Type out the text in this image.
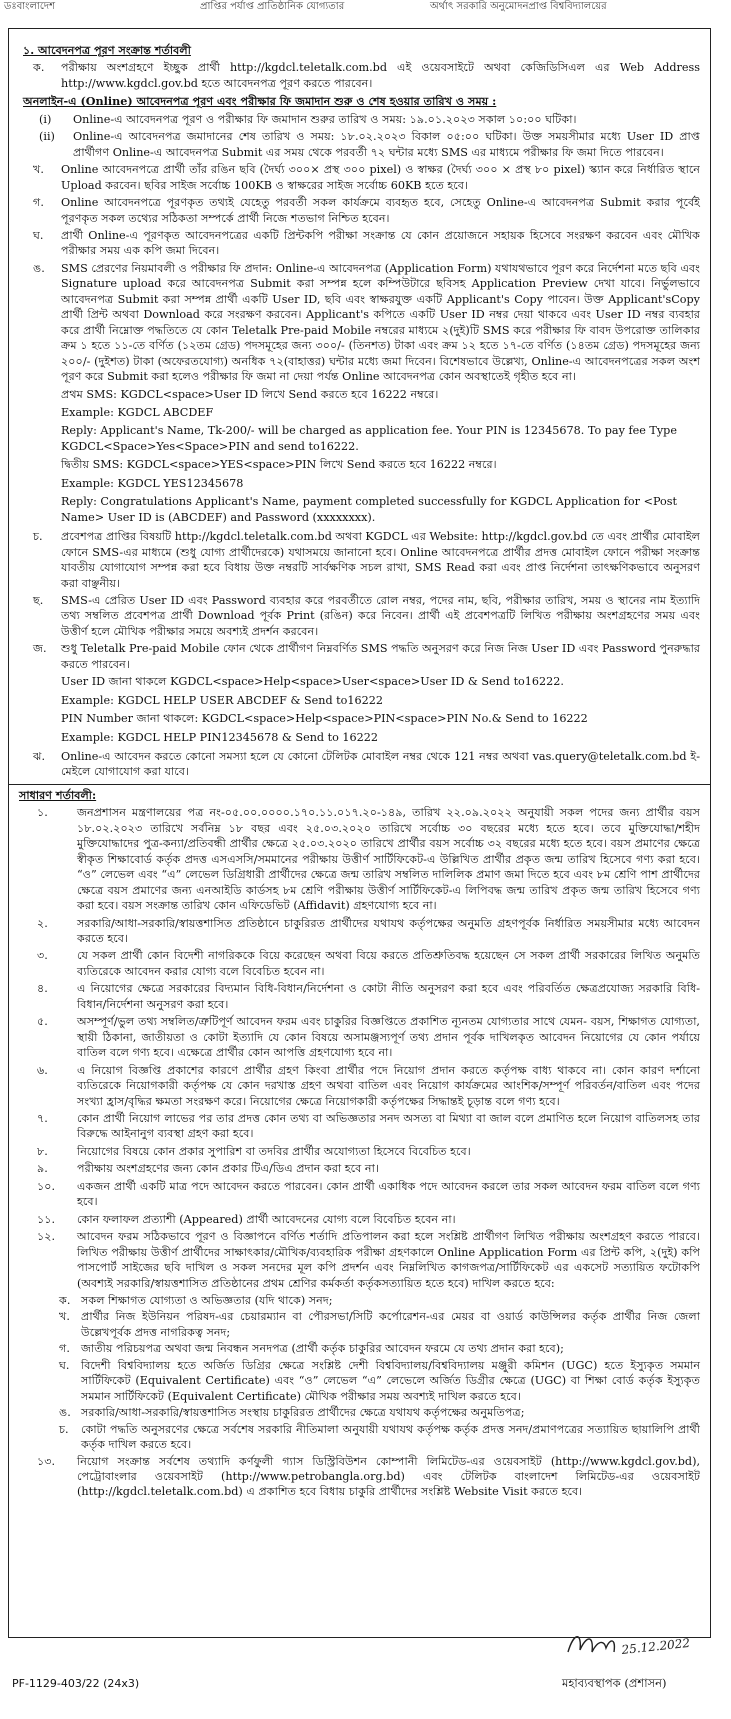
ডঃবাংলাদেশ	প্রাপ্তির পর্যাপ্ত প্রাতিষ্ঠানিক যোগ্যতার	অর্থাৎ সরকারি অনুমোদনপ্রাপ্ত বিশ্ববিদ্যালয়ের
১. আবেদনপত্র পূরণ সংক্রান্ত শর্তাবলী
ক.	পরীক্ষায় অংশগ্রহণে ইচ্ছুক প্রার্থী http://kgdcl.teletalk.com.bd এই ওয়েবসাইটে অথবা কেজিডিসিএল এর Web Address http://www.kgdcl.gov.bd হতে আবেদনপত্র পূরণ করতে পারবেন।
অনলাইন-এ (Online) আবেদনপত্র পূরণ এবং পরীক্ষার ফি জমাদান শুরু ও শেষ হওয়ার তারিখ ও সময় :
(i)	Online-এ আবেদনপত্র পূরণ ও পরীক্ষার ফি জমাদান শুরুর তারিখ ও সময়: ১৯.০১.২০২৩ সকাল ১০:০০ ঘটিকা।
(ii)	Online-এ আবেদনপত্র জমাদানের শেষ তারিখ ও সময়: ১৮.০২.২০২৩ বিকাল ০৫:০০ ঘটিকা। উক্ত সময়সীমার মধ্যে User ID প্রাপ্ত প্রার্থীগণ Online-এ আবেদনপত্র Submit এর সময় থেকে পরবর্তী ৭২ ঘন্টার মধ্যে SMS এর মাধ্যমে পরীক্ষার ফি জমা দিতে পারবেন।
খ.	Online আবেদনপত্রে প্রার্থী তাঁর রঙিন ছবি (দৈর্ঘ্য ৩০০× প্রস্থ ৩০০ pixel) ও স্বাক্ষর (দৈর্ঘ্য ৩০০ × প্রস্থ ৮০ pixel) স্ক্যান করে নির্ধারিত স্থানে Upload করবেন। ছবির সাইজ সর্বোচ্চ 100KB ও স্বাক্ষরের সাইজ সর্বোচ্চ 60KB হতে হবে।
গ.	Online আবেদনপত্রে পূরণকৃত তথ্যই যেহেতু পরবর্তী সকল কার্যক্রমে ব্যবহৃত হবে, সেহেতু Online-এ আবেদনপত্র Submit করার পূর্বেই পূরণকৃত সকল তথ্যের সঠিকতা সম্পর্কে প্রার্থী নিজে শতভাগ নিশ্চিত হবেন।
ঘ.	প্রার্থী Online-এ পূরণকৃত আবেদনপত্রের একটি প্রিন্টকপি পরীক্ষা সংক্রান্ত যে কোন প্রয়োজনে সহায়ক হিসেবে সংরক্ষণ করবেন এবং মৌখিক পরীক্ষার সময় এক কপি জমা দিবেন।
ঙ.	SMS প্রেরণের নিয়মাবলী ও পরীক্ষার ফি প্রদান: Online-এ আবেদনপত্র (Application Form) যথাযথভাবে পূরণ করে নির্দেশনা মতে ছবি এবং Signature upload করে আবেদনপত্র Submit করা সম্পন্ন হলে কম্পিউটারে ছবিসহ Application Preview দেখা যাবে। নির্ভুলভাবে আবেদনপত্র Submit করা সম্পন্ন প্রার্থী একটি User ID, ছবি এবং স্বাক্ষরযুক্ত একটি Applicant's Copy পাবেন। উক্ত Applicant'sCopy প্রার্থী প্রিন্ট অথবা Download করে সংরক্ষণ করবেন। Applicant's কপিতে একটি User ID নম্বর দেয়া থাকবে এবং User ID নম্বর ব্যবহার করে প্রার্থী নিম্নোক্ত পদ্ধতিতে যে কোন Teletalk Pre-paid Mobile নম্বরের মাধ্যমে ২(দুই)টি SMS করে পরীক্ষার ফি বাবদ উপরোক্ত তালিকার ক্রম ১ হতে ১১-তে বর্ণিত (১২তম গ্রেড) পদসমূহের জন্য ৩০০/- (তিনশত) টাকা এবং ক্রম ১২ হতে ১৭-তে বর্ণিত (১৪তম গ্রেড) পদসমূহের জন্য ২০০/- (দুইশত) টাকা (অফেরতযোগ্য) অনধিক ৭২(বাহাত্তর) ঘন্টার মধ্যে জমা দিবেন। বিশেষভাবে উল্লেখ্য, Online-এ আবেদনপত্রের সকল অংশ পূরণ করে Submit করা হলেও পরীক্ষার ফি জমা না দেয়া পর্যন্ত Online আবেদনপত্র কোন অবস্থাতেই গৃহীত হবে না।

প্রথম SMS: KGDCL<space>User ID লিখে Send করতে হবে 16222 নম্বরে।

Example: KGDCL ABCDEF

Reply: Applicant's Name, Tk-200/- will be charged as application fee. Your PIN is 12345678. To pay fee Type KGDCL<Space>Yes<Space>PIN and send to16222.

দ্বিতীয় SMS: KGDCL<space>YES<space>PIN লিখে Send করতে হবে 16222 নম্বরে।

Example: KGDCL YES12345678

Reply: Congratulations Applicant's Name, payment completed successfully for KGDCL Application for <Post Name> User ID is (ABCDEF) and Password (xxxxxxxx).

চ.	প্রবেশপত্র প্রাপ্তির বিষয়টি http://kgdcl.teletalk.com.bd অথবা KGDCL এর Website: http://kgdcl.gov.bd তে এবং প্রার্থীর মোবাইল ফোনে SMS-এর মাধ্যমে (শুধু যোগ্য প্রার্থীদেরকে) যথাসময়ে জানানো হবে। Online আবেদনপত্রে প্রার্থীর প্রদত্ত মোবাইল ফোনে পরীক্ষা সংক্রান্ত যাবতীয় যোগাযোগ সম্পন্ন করা হবে বিধায় উক্ত নম্বরটি সার্বক্ষণিক সচল রাখা, SMS Read করা এবং প্রাপ্ত নির্দেশনা তাৎক্ষণিকভাবে অনুসরণ করা বাঞ্ছনীয়।
ছ.	SMS-এ প্রেরিত User ID এবং Password ব্যবহার করে পরবর্তীতে রোল নম্বর, পদের নাম, ছবি, পরীক্ষার তারিখ, সময় ও স্থানের নাম ইত্যাদি তথ্য সম্বলিত প্রবেশপত্র প্রার্থী Download পূর্বক Print (রঙিন) করে নিবেন। প্রার্থী এই প্রবেশপত্রটি লিখিত পরীক্ষায় অংশগ্রহণের সময় এবং উত্তীর্ণ হলে মৌখিক পরীক্ষার সময়ে অবশ্যই প্রদর্শন করবেন।
জ.	শুধু Teletalk Pre-paid Mobile ফোন থেকে প্রার্থীগণ নিম্নবর্ণিত SMS পদ্ধতি অনুসরণ করে নিজ নিজ User ID এবং Password পুনরুদ্ধার করতে পারবেন।

User ID জানা থাকলে KGDCL<space>Help<space>User<space>User ID & Send to16222.

Example: KGDCL HELP USER ABCDEF & Send to16222

PIN Number জানা থাকলে: KGDCL<space>Help<space>PIN<space>PIN No.& Send to 16222

Example: KGDCL HELP PIN12345678 & Send to 16222

ঝ.	Online-এ আবেদন করতে কোনো সমস্যা হলে যে কোনো টেলিটক মোবাইল নম্বর থেকে 121 নম্বর অথবা vas.query@teletalk.com.bd ই-মেইলে যোগাযোগ করা যাবে।
সাধারণ শর্তাবলী:
১.	জনপ্রশাসন মন্ত্রণালয়ের পত্র নং-০৫.০০.০০০০.১৭০.১১.০১৭.২০-১৪৯, তারিখ ২২.০৯.২০২২ অনুযায়ী সকল পদের জন্য প্রার্থীর বয়স ১৮.০২.২০২৩ তারিখে সর্বনিম্ন ১৮ বছর এবং ২৫.০৩.২০২০ তারিখে সর্বোচ্চ ৩০ বছরের মধ্যে হতে হবে। তবে মুক্তিযোদ্ধা/শহীদ মুক্তিযোদ্ধাদের পুত্র-কন্যা/প্রতিবন্ধী প্রার্থীর ক্ষেত্রে ২৫.০৩.২০২০ তারিখে প্রার্থীর বয়স সর্বোচ্চ ৩২ বছরের মধ্যে হতে হবে। বয়স প্রমাণের ক্ষেত্রে স্বীকৃত শিক্ষাবোর্ড কর্তৃক প্রদত্ত এসএসসি/সমমানের পরীক্ষায় উত্তীর্ণ সার্টিফিকেট-এ উল্লিখিত প্রার্থীর প্রকৃত জন্ম তারিখ হিসেবে গণ্য করা হবে। “ও” লেভেল এবং “এ” লেভেল ডিগ্রিধারী প্রার্থীদের ক্ষেত্রে জন্ম তারিখ সম্বলিত দালিলিক প্রমাণ জমা দিতে হবে এবং ৮ম শ্রেণি পাশ প্রার্থীদের ক্ষেত্রে বয়স প্রমাণের জন্য এনআইডি কার্ডসহ ৮ম শ্রেণি পরীক্ষায় উত্তীর্ণ সার্টিফিকেট-এ লিপিবদ্ধ জন্ম তারিখ প্রকৃত জন্ম তারিখ হিসেবে গণ্য করা হবে। বয়স সংক্রান্ত তারিখ কোন এফিডেভিট (Affidavit) গ্রহণযোগ্য হবে না।
২.	সরকারি/আধা-সরকারি/স্বায়ত্তশাসিত প্রতিষ্ঠানে চাকুরিরত প্রার্থীদের যথাযথ কর্তৃপক্ষের অনুমতি গ্রহণপূর্বক নির্ধারিত সময়সীমার মধ্যে আবেদন করতে হবে।
৩.	যে সকল প্রার্থী কোন বিদেশী নাগরিককে বিয়ে করেছেন অথবা বিয়ে করতে প্রতিশ্রুতিবদ্ধ হয়েছেন সে সকল প্রার্থী সরকারের লিখিত অনুমতি ব্যতিরেকে আবেদন করার যোগ্য বলে বিবেচিত হবেন না।
৪.	এ নিয়োগের ক্ষেত্রে সরকারের বিদ্যমান বিধি-বিধান/নির্দেশনা ও কোটা নীতি অনুসরণ করা হবে এবং পরিবর্তিত ক্ষেত্রপ্রযোজ্য সরকারি বিধি-বিধান/নির্দেশনা অনুসরণ করা হবে।
৫.	অসম্পূর্ণ/ভুল তথ্য সম্বলিত/ত্রুটিপূর্ণ আবেদন ফরম এবং চাকুরির বিজ্ঞপ্তিতে প্রকাশিত ন্যূনতম যোগ্যতার সাথে যেমন- বয়স, শিক্ষাগত যোগ্যতা, স্থায়ী ঠিকানা, জাতীয়তা ও কোটা ইত্যাদি যে কোন বিষয়ে অসামঞ্জস্যপূর্ণ তথ্য প্রদান পূর্বক দাখিলকৃত আবেদন নিয়োগের যে কোন পর্যায়ে বাতিল বলে গণ্য হবে। এক্ষেত্রে প্রার্থীর কোন আপত্তি গ্রহণযোগ্য হবে না।
৬.	এ নিয়োগ বিজ্ঞপ্তি প্রকাশের কারণে প্রার্থীর গ্রহণ কিংবা প্রার্থীর পদে নিয়োগ প্রদান করতে কর্তৃপক্ষ বাধ্য থাকবে না। কোন কারণ দর্শানো ব্যতিরেকে নিয়োগকারী কর্তৃপক্ষ যে কোন দরখাস্ত গ্রহণ অথবা বাতিল এবং নিয়োগ কার্যক্রমের আংশিক/সম্পূর্ণ পরিবর্তন/বাতিল এবং পদের সংখ্যা হ্রাস/বৃদ্ধির ক্ষমতা সংরক্ষণ করে। নিয়োগের ক্ষেত্রে নিয়োগকারী কর্তৃপক্ষের সিদ্ধান্তই চূড়ান্ত বলে গণ্য হবে।
৭.	কোন প্রার্থী নিয়োগ লাভের পর তার প্রদত্ত কোন তথ্য বা অভিজ্ঞতার সনদ অসত্য বা মিথ্যা বা জাল বলে প্রমাণিত হলে নিয়োগ বাতিলসহ তার বিরুদ্ধে আইনানুগ ব্যবস্থা গ্রহণ করা হবে।
৮.	নিয়োগের বিষয়ে কোন প্রকার সুপারিশ বা তদবির প্রার্থীর অযোগ্যতা হিসেবে বিবেচিত হবে।
৯.	পরীক্ষায় অংশগ্রহণের জন্য কোন প্রকার টিএ/ডিএ প্রদান করা হবে না।
১০.	একজন প্রার্থী একটি মাত্র পদে আবেদন করতে পারবেন। কোন প্রার্থী একাধিক পদে আবেদন করলে তার সকল আবেদন ফরম বাতিল বলে গণ্য হবে।
১১.	কোন ফলাফল প্রত্যাশী (Appeared) প্রার্থী আবেদনের যোগ্য বলে বিবেচিত হবেন না।
১২.	আবেদন ফরম সঠিকভাবে পূরণ ও বিজ্ঞাপনে বর্ণিত শর্তাদি প্রতিপালন করা হলে সংশ্লিষ্ট প্রার্থীগণ লিখিত পরীক্ষায় অংশগ্রহণ করতে পারবে। লিখিত পরীক্ষায় উত্তীর্ণ প্রার্থীদের সাক্ষাৎকার/মৌখিক/ব্যবহারিক পরীক্ষা গ্রহণকালে Online Application Form এর প্রিন্ট কপি, ২(দুই) কপি পাসপোর্ট সাইজের ছবি দাখিল ও সকল সনদের মূল কপি প্রদর্শন এবং নিম্নলিখিত কাগজপত্র/সার্টিফিকেট এর একসেট সত্যায়িত ফটোকপি (অবশ্যই সরকারি/স্বায়ত্তশাসিত প্রতিষ্ঠানের প্রথম শ্রেণির কর্মকর্তা কর্তৃকসত্যায়িত হতে হবে) দাখিল করতে হবে:
ক. সকল শিক্ষাগত যোগ্যতা ও অভিজ্ঞতার (যদি থাকে) সনদ;
খ. প্রার্থীর নিজ ইউনিয়ন পরিষদ-এর চেয়ারম্যান বা পৌরসভা/সিটি কর্পোরেশন-এর মেয়র বা ওয়ার্ড কাউন্সিলর কর্তৃক প্রার্থীর নিজ জেলা উল্লেখপূর্বক প্রদত্ত নাগরিকত্ব সনদ;
গ. জাতীয় পরিচয়পত্র অথবা জন্ম নিবন্ধন সনদপত্র (প্রার্থী কর্তৃক চাকুরির আবেদন ফরমে যে তথ্য প্রদান করা হবে);
ঘ.	বিদেশী বিশ্ববিদ্যালয় হতে অর্জিত ডিগ্রির ক্ষেত্রে সংশ্লিষ্ট দেশী বিশ্ববিদ্যালয়/বিশ্ববিদ্যালয় মঞ্জুরী কমিশন (UGC) হতে ইস্যুকৃত সমমান সার্টিফিকেট (Equivalent Certificate) এবং “ও” লেভেল “এ” লেভেলে অর্জিত ডিগ্রীর ক্ষেত্রে (UGC) বা শিক্ষা বোর্ড কর্তৃক ইস্যুকৃত সমমান সার্টিফিকেট (Equivalent Certificate) মৌখিক পরীক্ষার সময় অবশ্যই দাখিল করতে হবে।
ঙ. সরকারি/আধা-সরকারি/স্বায়ত্তশাসিত সংস্থায় চাকুরিরত প্রার্থীদের ক্ষেত্রে যথাযথ কর্তৃপক্ষের অনুমতিপত্র;
চ.	কোটা পদ্ধতি অনুসরণের ক্ষেত্রে সর্বশেষ সরকারি নীতিমালা অনুযায়ী যথাযথ কর্তৃপক্ষ কর্তৃক প্রদত্ত সনদ/প্রমাণপত্রের সত্যায়িত ছায়ালিপি প্রার্থী কর্তৃক দাখিল করতে হবে।
১৩.	নিয়োগ সংক্রান্ত সর্বশেষ তথ্যাদি কর্ণফুলী গ্যাস ডিস্ট্রিবিউশন কোম্পানী লিমিটেড-এর ওয়েবসাইট (http://www.kgdcl.gov.bd), পেট্রোবাংলার ওয়েবসাইট (http://www.petrobangla.org.bd) এবং টেলিটক বাংলাদেশ লিমিটেড-এর ওয়েবসাইট (http://kgdcl.teletalk.com.bd) এ প্রকাশিত হবে বিধায় চাকুরি প্রার্থীদের সংশ্লিষ্ট Website Visit করতে হবে।
25.12.2022
PF-1129-403/22 (24x3)	মহাব্যবস্থাপক (প্রশাসন)
